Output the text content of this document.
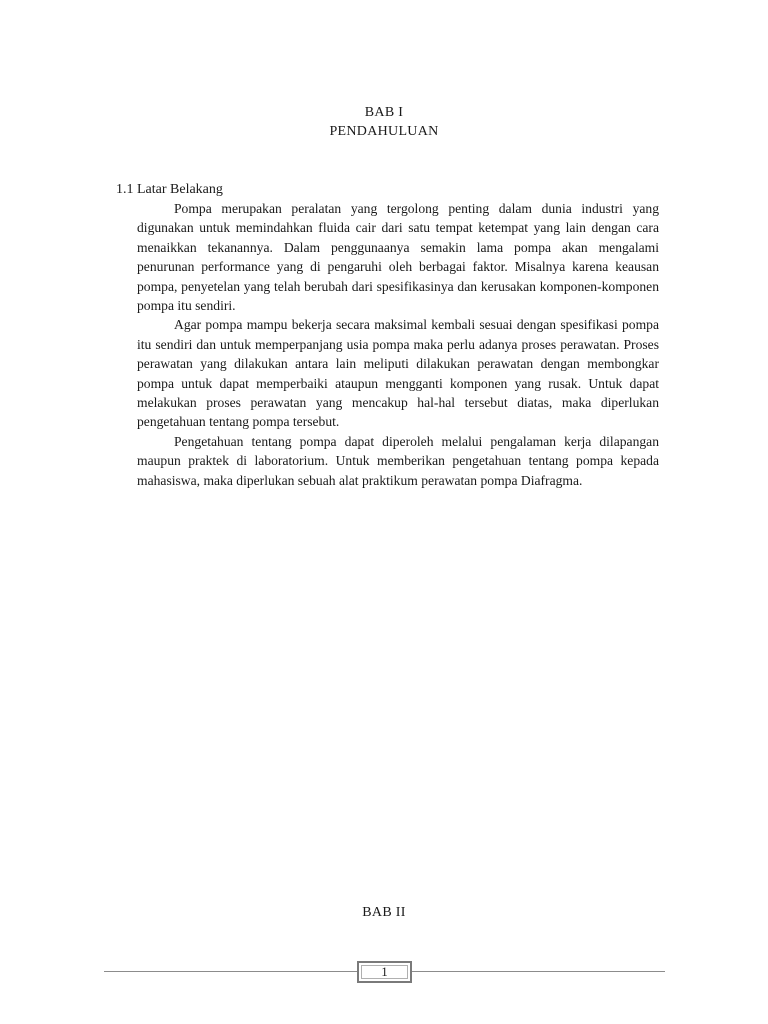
BAB I
PENDAHULUAN
1.1 Latar Belakang

Pompa merupakan peralatan yang tergolong penting dalam dunia industri yang digunakan untuk memindahkan fluida cair dari satu tempat ketempat yang lain dengan cara menaikkan tekanannya. Dalam penggunaanya semakin lama pompa akan mengalami penurunan performance yang di pengaruhi oleh berbagai faktor. Misalnya karena keausan pompa, penyetelan yang telah berubah dari spesifikasinya dan kerusakan komponen-komponen pompa itu sendiri.

Agar pompa mampu bekerja secara maksimal kembali sesuai dengan spesifikasi pompa itu sendiri dan untuk memperpanjang usia pompa maka perlu adanya proses perawatan. Proses perawatan yang dilakukan antara lain meliputi dilakukan perawatan dengan membongkar pompa untuk dapat memperbaiki ataupun mengganti komponen yang rusak. Untuk dapat melakukan proses perawatan yang mencakup hal-hal tersebut diatas, maka diperlukan pengetahuan tentang pompa tersebut.

Pengetahuan tentang pompa dapat diperoleh melalui pengalaman kerja dilapangan maupun praktek di laboratorium. Untuk memberikan pengetahuan tentang pompa kepada mahasiswa, maka diperlukan sebuah alat praktikum perawatan pompa Diafragma.

BAB II
1
